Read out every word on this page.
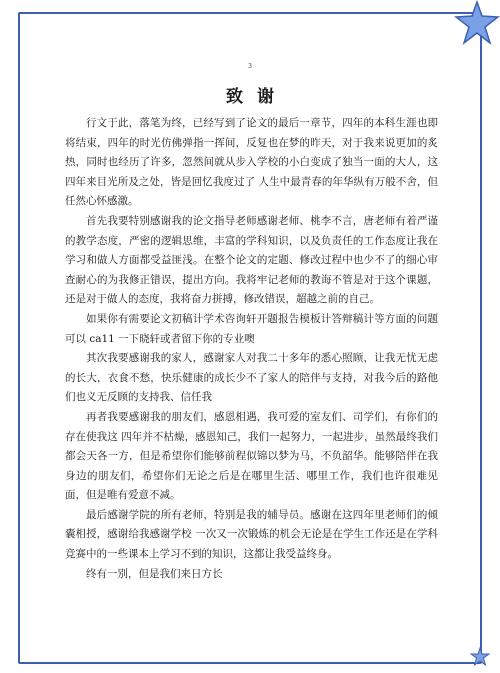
3
致谢

行文于此，落笔为终，已经写到了论文的最后一章节，四年的本科生涯也即将结束，四年的时光仿佛弹指一挥间，反复也在梦的昨天，对于我来说更加的炙热，同时也经历了许多，忽然间就从步入学校的小白变成了独当一面的大人，这四年来目光所及之处，皆是回忆我度过了 人生中最青春的年华纵有万般不舍，但任然心怀感激。

首先我要特别感谢我的论文指导老师感谢老师、桃李不言，唐老师有着严谨的教学态度，严密的逻辑思维，丰富的学科知识，以及负责任的工作态度让我在学习和做人方面都受益匪浅。在整个论文的定题、修改过程中也少不了的细心审查耐心的为我修正错误，提出方向。我将牢记老师的教诲不管是对于这个课题，还是对于做人的态度，我将奋力拼搏，修改错误，超越之前的自己。

如果你有需要论文初稿计学术咨询轩开题报告模板计答辩稿计等方面的问题可以 ca11 一下晓轩或者留下你的专业噢

其次我要感谢我的家人，感谢家人对我二十多年的悉心照顾，让我无忧无虑的长大，衣食不愁，快乐健康的成长少不了家人的陪伴与支持，对我今后的路他们也义无反顾的支持我、信任我

再者我要感谢我的朋友们，感恩相遇，我可爱的室友们、司学们，有你们的存在使我这 四年并不枯燥，感恩知己，我们一起努力，一起进步，虽然最终我们都会天各一方，但是希望你们能够前程似锦以梦为马，不负韶华。能够陪伴在我身边的朋友们，希望你们无论之后是在哪里生活、哪里工作，我们也许很难见面，但是唯有爱意不减。

最后感谢学院的所有老师，特别是我的辅导员。感谢在这四年里老师们的倾囊相授，感谢给我感谢学校 一次又一次锻炼的机会无论是在学生工作还是在学科竞赛中的一些课本上学习不到的知识，这都让我受益终身。

终有一别，但是我们来日方长
